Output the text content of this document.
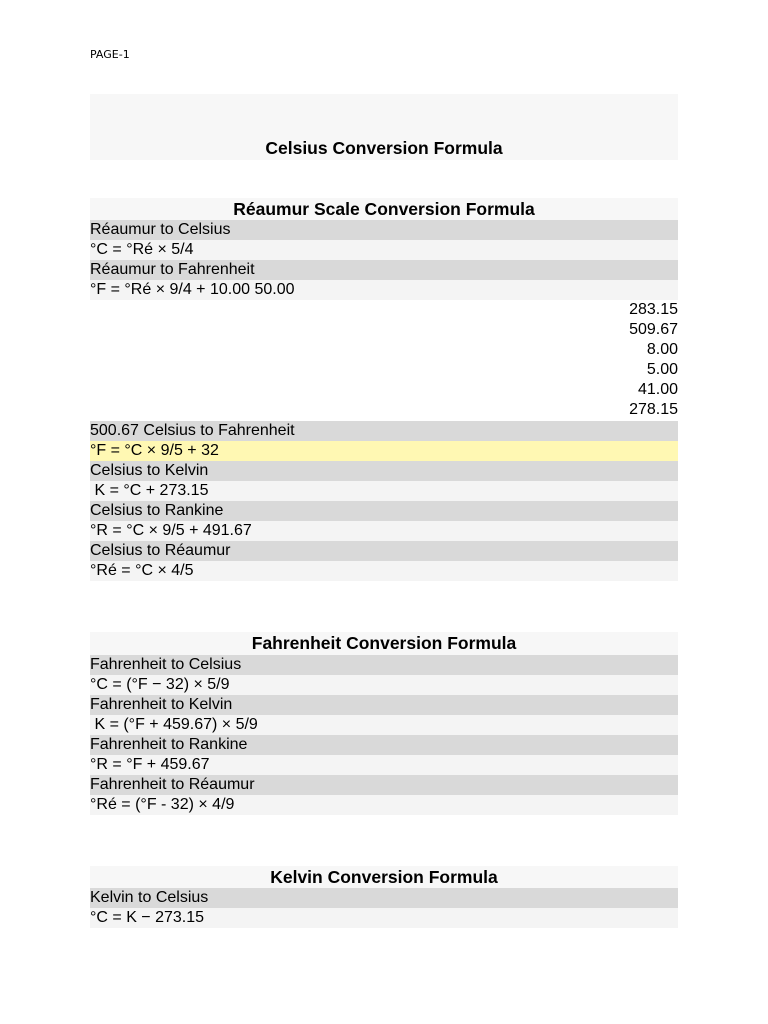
PAGE-1
Celsius Conversion Formula
Réaumur Scale Conversion Formula
Réaumur to Celsius
°C = °Ré × 5/4
Réaumur to Fahrenheit
°F = °Ré × 9/4 + 10.00 50.00
283.15
509.67
8.00
5.00
41.00
278.15
500.67 Celsius to Fahrenheit
°F = °C × 9/5 + 32
Celsius to Kelvin
K = °C + 273.15
Celsius to Rankine
°R = °C × 9/5 + 491.67
Celsius to Réaumur
°Ré = °C × 4/5
Fahrenheit Conversion Formula
Fahrenheit to Celsius
°C = (°F − 32) × 5/9
Fahrenheit to Kelvin
K = (°F + 459.67) × 5/9
Fahrenheit to Rankine
°R = °F + 459.67
Fahrenheit to Réaumur
°Ré = (°F - 32) × 4/9
Kelvin Conversion Formula
Kelvin to Celsius
°C = K − 273.15
